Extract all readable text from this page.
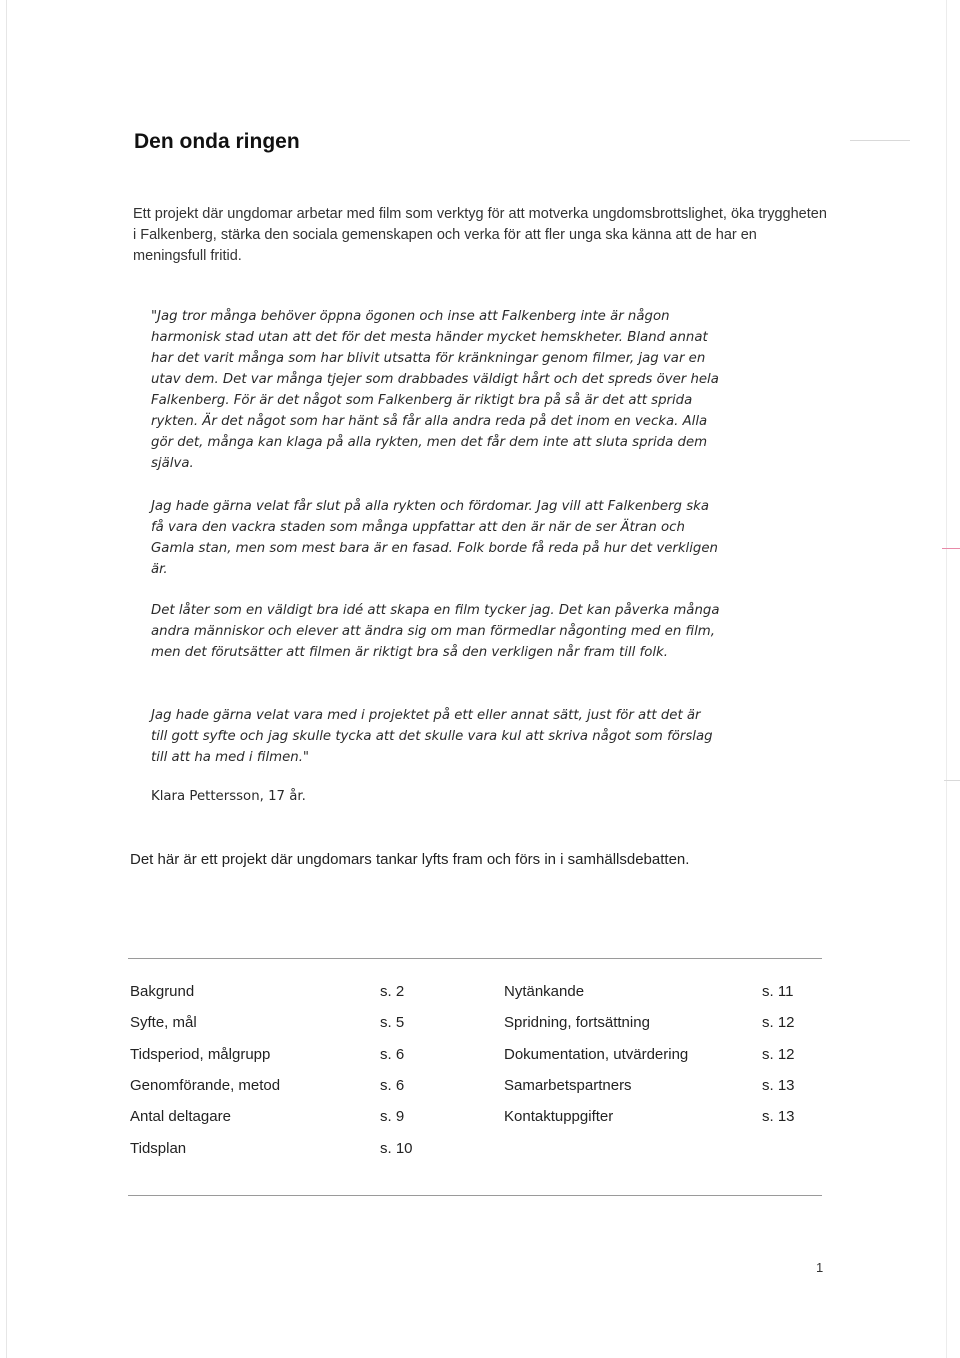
Den onda ringen

Ett projekt där ungdomar arbetar med film som verktyg för att motverka ungdomsbrottslighet, öka tryggheten i Falkenberg, stärka den sociala gemenskapen och verka för att fler unga ska känna att de har en meningsfull fritid.

"Jag tror många behöver öppna ögonen och inse att Falkenberg inte är någon harmonisk stad utan att det för det mesta händer mycket hemskheter. Bland annat har det varit många som har blivit utsatta för kränkningar genom filmer, jag var en utav dem. Det var många tjejer som drabbades väldigt hårt och det spreds över hela Falkenberg. För är det något som Falkenberg är riktigt bra på så är det att sprida rykten. Är det något som har hänt så får alla andra reda på det inom en vecka. Alla gör det, många kan klaga på alla rykten, men det får dem inte att sluta sprida dem själva.

Jag hade gärna velat får slut på alla rykten och fördomar. Jag vill att Falkenberg ska få vara den vackra staden som många uppfattar att den är när de ser Ätran och Gamla stan, men som mest bara är en fasad. Folk borde få reda på hur det verkligen är.

Det låter som en väldigt bra idé att skapa en film tycker jag. Det kan påverka många andra människor och elever att ändra sig om man förmedlar någonting med en film, men det förutsätter att filmen är riktigt bra så den verkligen når fram till folk.

Jag hade gärna velat vara med i projektet på ett eller annat sätt, just för att det är till gott syfte och jag skulle tycka att det skulle vara kul att skriva något som förslag till att ha med i filmen."

Klara Pettersson, 17 år.

Det här är ett projekt där ungdomars tankar lyfts fram och förs in i samhällsdebatten.

Bakgrund	s. 2
Syfte, mål	s. 5
Tidsperiod, målgrupp	s. 6
Genomförande, metod	s. 6
Antal deltagare	s. 9
Tidsplan	s. 10
Nytänkande	s. 11
Spridning, fortsättning	s. 12
Dokumentation, utvärdering	s. 12
Samarbetspartners	s. 13
Kontaktuppgifter	s. 13
1
